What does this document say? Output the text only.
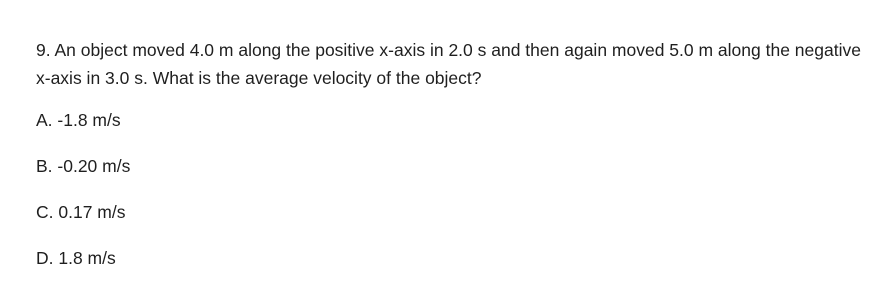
9. An object moved 4.0 m along the positive x-axis in 2.0 s and then again moved 5.0 m along the negative x-axis in 3.0 s. What is the average velocity of the object?

A. -1.8 m/s
B. -0.20 m/s
C. 0.17 m/s
D. 1.8 m/s
